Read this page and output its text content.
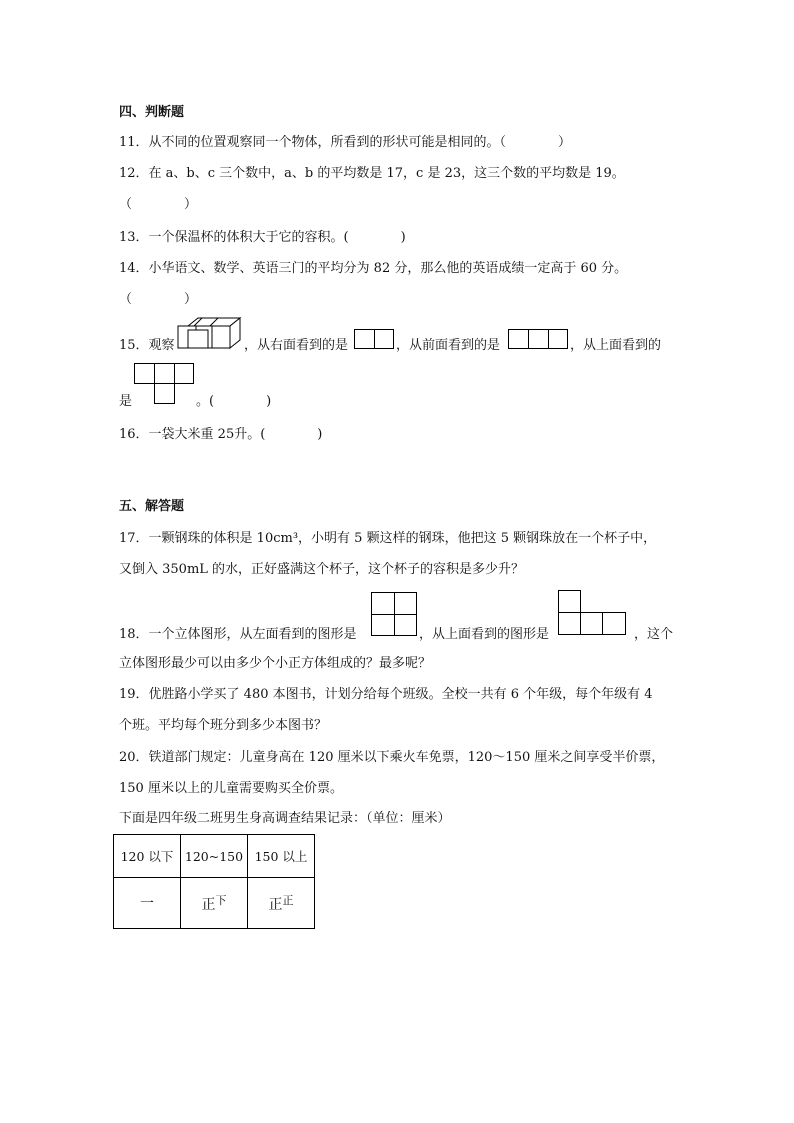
四、判断题
11．从不同的位置观察同一个物体，所看到的形状可能是相同的。（　　　　）
12．在 a、b、c 三个数中，a、b 的平均数是 17，c 是 23，这三个数的平均数是 19。
（　　　　）
13．一个保温杯的体积大于它的容积。(　　　　)
14．小华语文、数学、英语三门的平均分为 82 分，那么他的英语成绩一定高于 60 分。
（　　　　）
15．观察	，从右面看到的是	，从前面看到的是	，从上面看到的
是	。(　　　　)
16．一袋大米重 25升。(　　　　)
五、解答题
17．一颗钢珠的体积是 10cm³，小明有 5 颗这样的钢珠，他把这 5 颗钢珠放在一个杯子中，
又倒入 350mL 的水，正好盛满这个杯子，这个杯子的容积是多少升？
18．一个立体图形，从左面看到的图形是	，从上面看到的图形是	，这个
立体图形最少可以由多少个小正方体组成的？最多呢？
19．优胜路小学买了 480 本图书，计划分给每个班级。全校一共有 6 个年级，每个年级有 4
个班。平均每个班分到多少本图书？
20．铁道部门规定：儿童身高在 120 厘米以下乘火车免票，120～150 厘米之间享受半价票，
150 厘米以上的儿童需要购买全价票。
下面是四年级二班男生身高调查结果记录：（单位：厘米）
120 以下	120~150	150 以上
一	正$^下$	正$^正$
